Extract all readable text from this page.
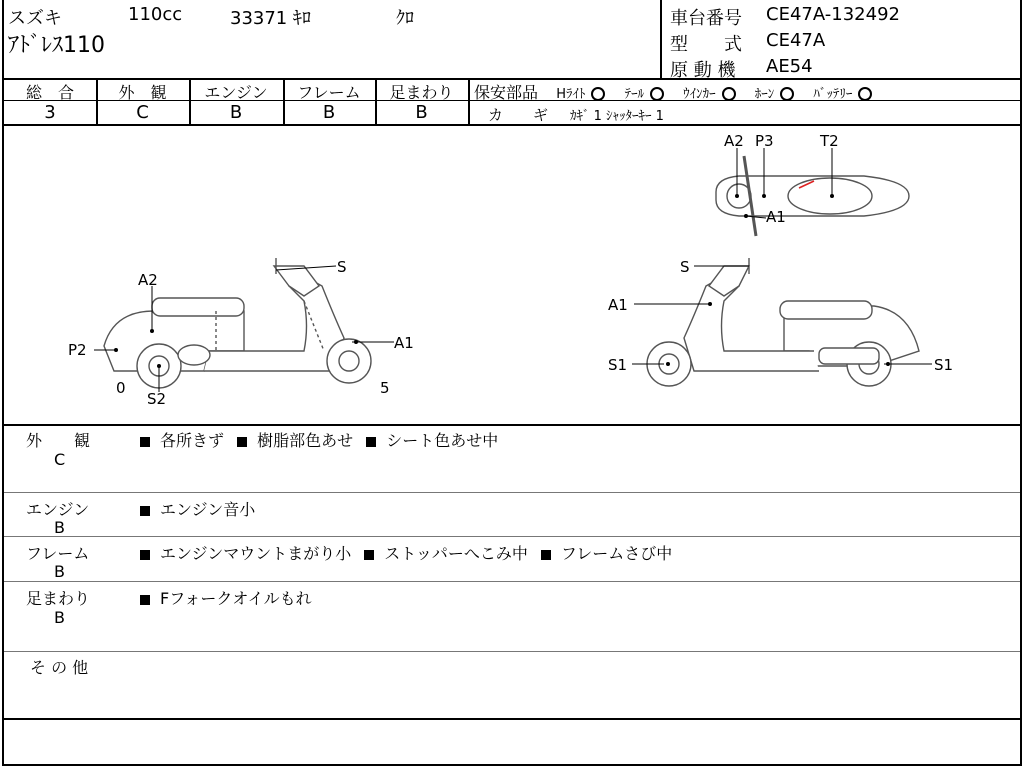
スズキ	110cc	33371 ｷﾛ	ｸﾛ
ｱﾄﾞﾚｽ110
車台番号 CE47A-132492
型　　式 CE47A
原 動 機 AE54
総　合	外　観	エンジン	フレーム	足まわり
3	C	B	B	B
保安部品 Hﾗｲﾄ	ﾃｰﾙ	ｳｲﾝｶｰ	ﾎｰﾝ	ﾊﾞｯﾃﾘｰ
カ　　ギ ｶｷﾞ 1 ｼｬｯﾀｰｷｰ 1
S
A2
P2	A1
0
S2
5
S
A1
S1	S1
A2 P3	T2
A1
外　　観
C
各所きず 樹脂部色あせ シート色あせ中
エンジン
B
エンジン音小
フレーム
B
エンジンマウントまがり小 ストッパーへこみ中 フレームさび中
足まわり
B
Fフォークオイルもれ
そ の 他
